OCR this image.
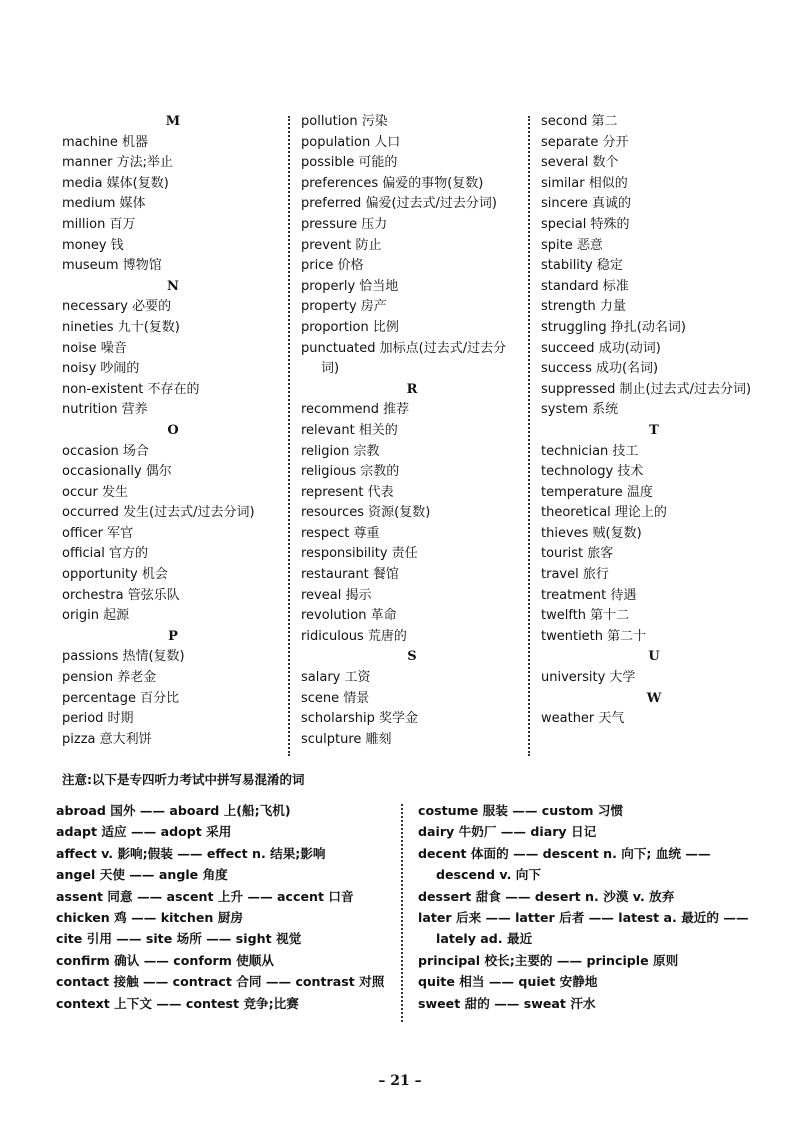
M
machine 机器
manner 方法;举止
media 媒体(复数)
medium 媒体
million 百万
money 钱
museum 博物馆
N
necessary 必要的
nineties 九十(复数)
noise 噪音
noisy 吵闹的
non-existent 不存在的
nutrition 营养
O
occasion 场合
occasionally 偶尔
occur 发生
occurred 发生(过去式/过去分词)
officer 军官
official 官方的
opportunity 机会
orchestra 管弦乐队
origin 起源
P
passions 热情(复数)
pension 养老金
percentage 百分比
period 时期
pizza 意大利饼
pollution 污染
population 人口
possible 可能的
preferences 偏爱的事物(复数)
preferred 偏爱(过去式/过去分词)
pressure 压力
prevent 防止
price 价格
properly 恰当地
property 房产
proportion 比例
punctuated 加标点(过去式/过去分词)
R
recommend 推荐
relevant 相关的
religion 宗教
religious 宗教的
represent 代表
resources 资源(复数)
respect 尊重
responsibility 责任
restaurant 餐馆
reveal 揭示
revolution 革命
ridiculous 荒唐的
S
salary 工资
scene 情景
scholarship 奖学金
sculpture 雕刻
second 第二
separate 分开
several 数个
similar 相似的
sincere 真诚的
special 特殊的
spite 恶意
stability 稳定
standard 标准
strength 力量
struggling 挣扎(动名词)
succeed 成功(动词)
success 成功(名词)
suppressed 制止(过去式/过去分词)
system 系统
T
technician 技工
technology 技术
temperature 温度
theoretical 理论上的
thieves 贼(复数)
tourist 旅客
travel 旅行
treatment 待遇
twelfth 第十二
twentieth 第二十
U
university 大学
W
weather 天气
注意:以下是专四听力考试中拼写易混淆的词
abroad 国外 —— aboard 上(船;飞机)
adapt 适应 —— adopt 采用
affect v. 影响;假装 —— effect n. 结果;影响
angel 天使 —— angle 角度
assent 同意 —— ascent 上升 —— accent 口音
chicken 鸡 —— kitchen 厨房
cite 引用 —— site 场所 —— sight 视觉
confirm 确认 —— conform 使顺从
contact 接触 —— contract 合同 —— contrast 对照
context 上下文 —— contest 竞争;比赛
costume 服装 —— custom 习惯
dairy 牛奶厂 —— diary 日记
decent 体面的 —— descent n. 向下; 血统 —— descend v. 向下
dessert 甜食 —— desert n. 沙漠 v. 放弃
later 后来 —— latter 后者 —— latest a. 最近的 —— lately ad. 最近
principal 校长;主要的 —— principle 原则
quite 相当 —— quiet 安静地
sweet 甜的 —— sweat 汗水
– 21 –
